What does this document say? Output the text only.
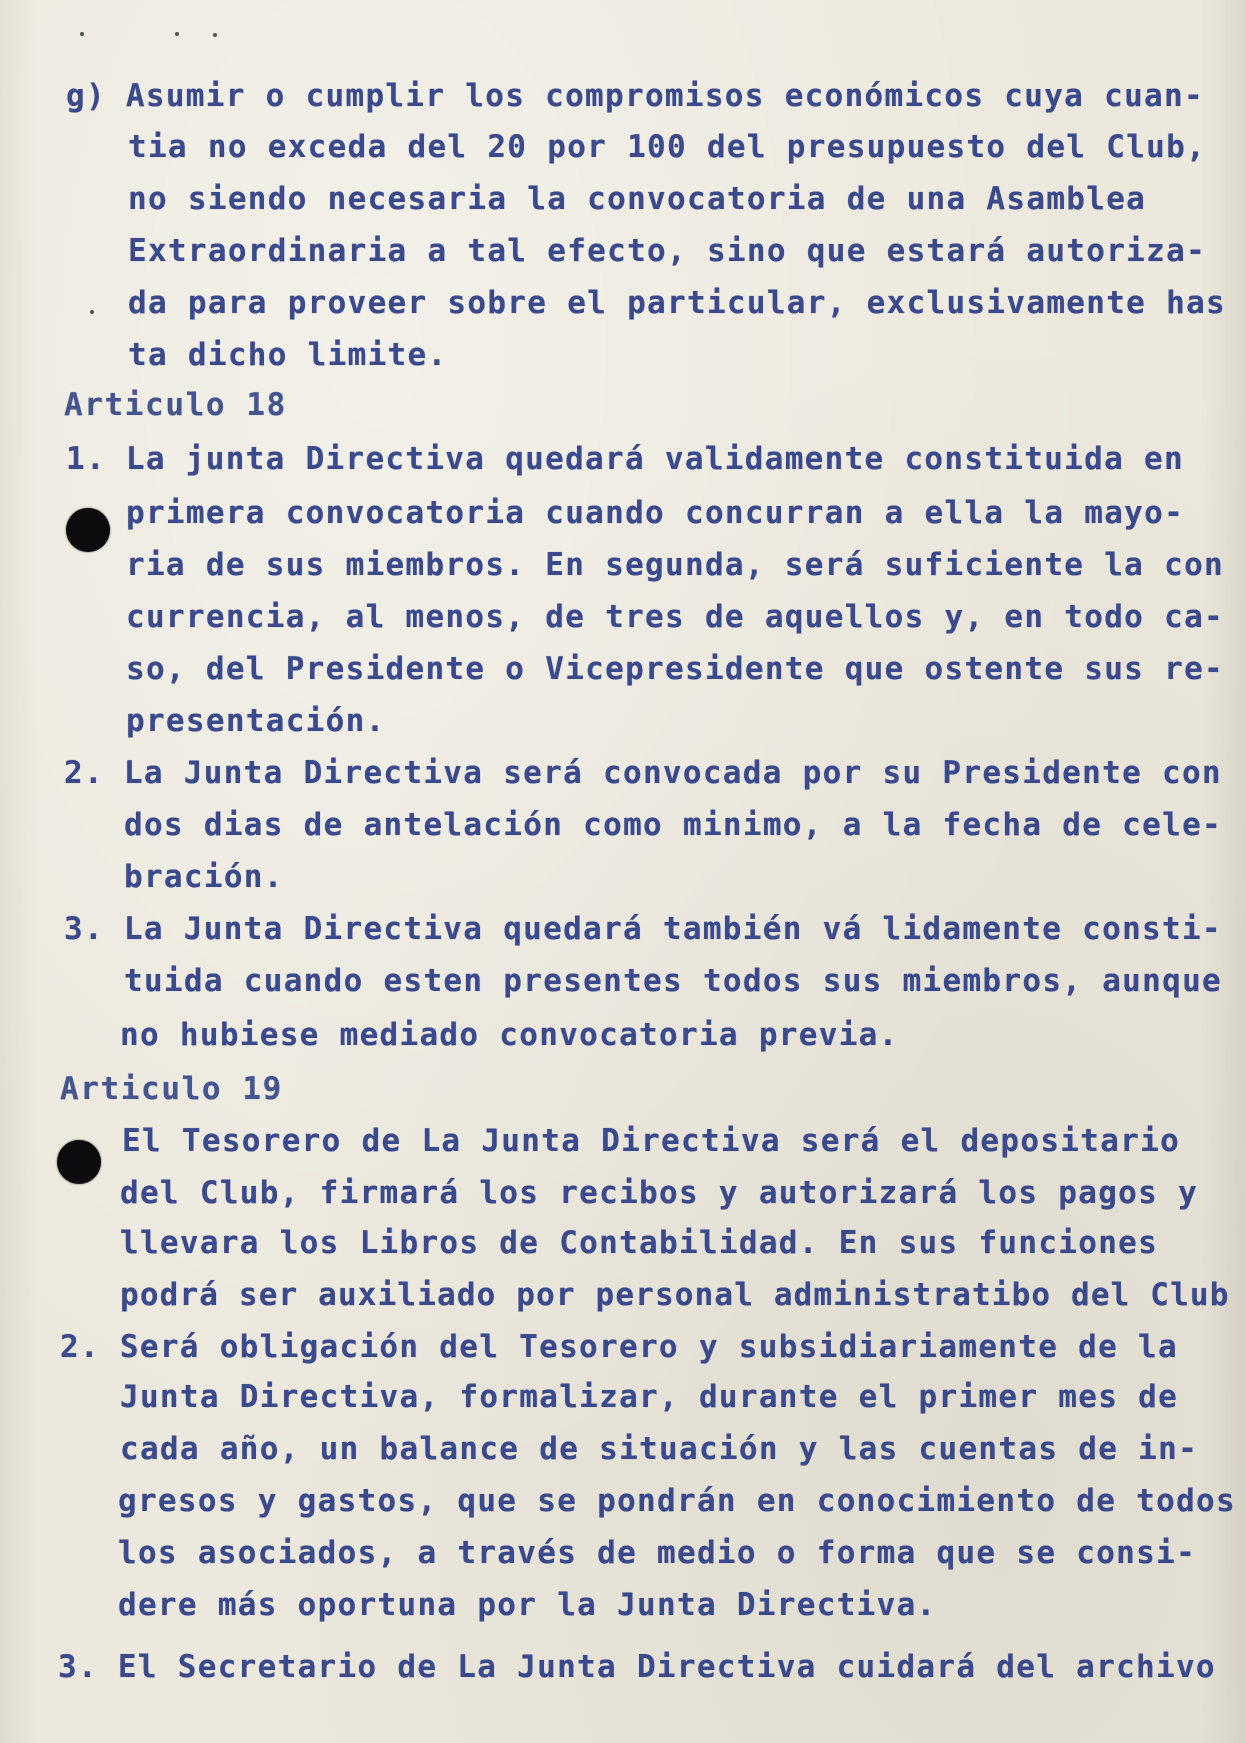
g) Asumir o cumplir los compromisos económicos cuya cuan-
tia no exceda del 20 por 100 del presupuesto del Club,
no siendo necesaria la convocatoria de una Asamblea
Extraordinaria a tal efecto, sino que estará autoriza-
da para proveer sobre el particular, exclusivamente has
ta dicho limite.
Articulo 18
1. La junta Directiva quedará validamente constituida en
primera convocatoria cuando concurran a ella la mayo-
ria de sus miembros. En segunda, será suficiente la con
currencia, al menos, de tres de aquellos y, en todo ca-
so, del Presidente o Vicepresidente que ostente sus re-
presentación.
2. La Junta Directiva será convocada por su Presidente con
dos dias de antelación como minimo, a la fecha de cele-
bración.
3. La Junta Directiva quedará también vá lidamente consti-
tuida cuando esten presentes todos sus miembros, aunque
no hubiese mediado convocatoria previa.
Articulo 19
El Tesorero de La Junta Directiva será el depositario
del Club, firmará los recibos y autorizará los pagos y
llevara los Libros de Contabilidad. En sus funciones
podrá ser auxiliado por personal administratibo del Club
2. Será obligación del Tesorero y subsidiariamente de la
Junta Directiva, formalizar, durante el primer mes de
cada año, un balance de situación y las cuentas de in-
gresos y gastos, que se pondrán en conocimiento de todos
los asociados, a través de medio o forma que se consi-
dere más oportuna por la Junta Directiva.
3. El Secretario de La Junta Directiva cuidará del archivo
